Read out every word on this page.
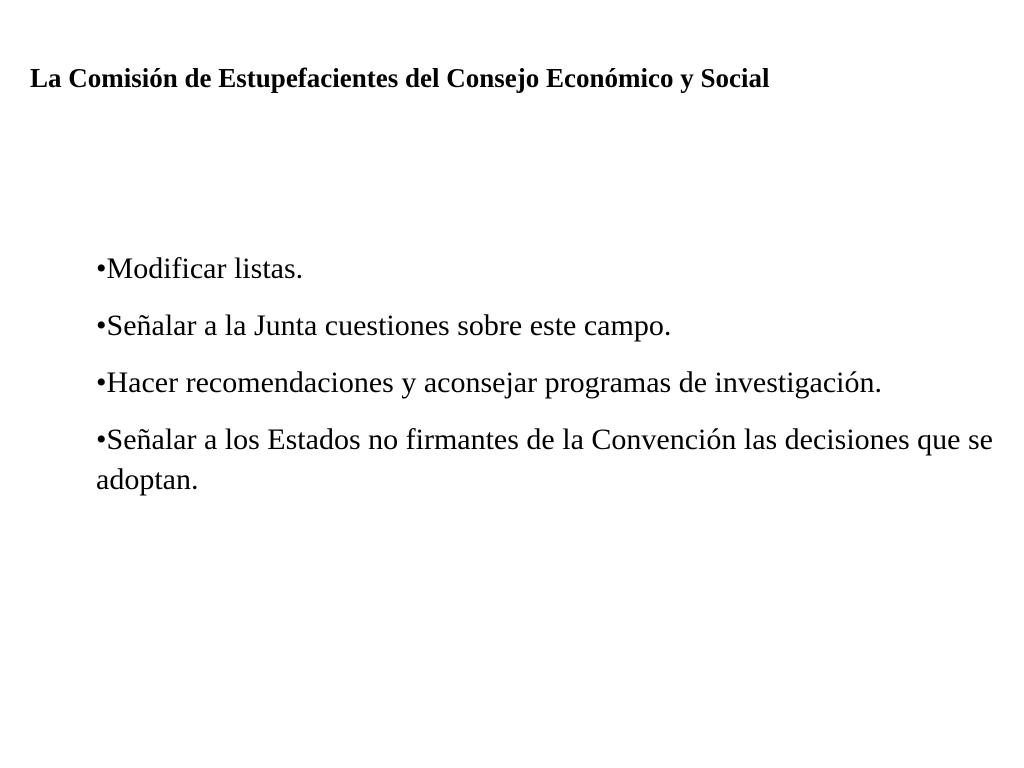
La Comisión de Estupefacientes del Consejo Económico y Social
•Modificar listas.
•Señalar a la Junta cuestiones sobre este campo.
•Hacer recomendaciones y aconsejar programas de investigación.
•Señalar a los Estados no firmantes de la Convención las decisiones que se adoptan.
